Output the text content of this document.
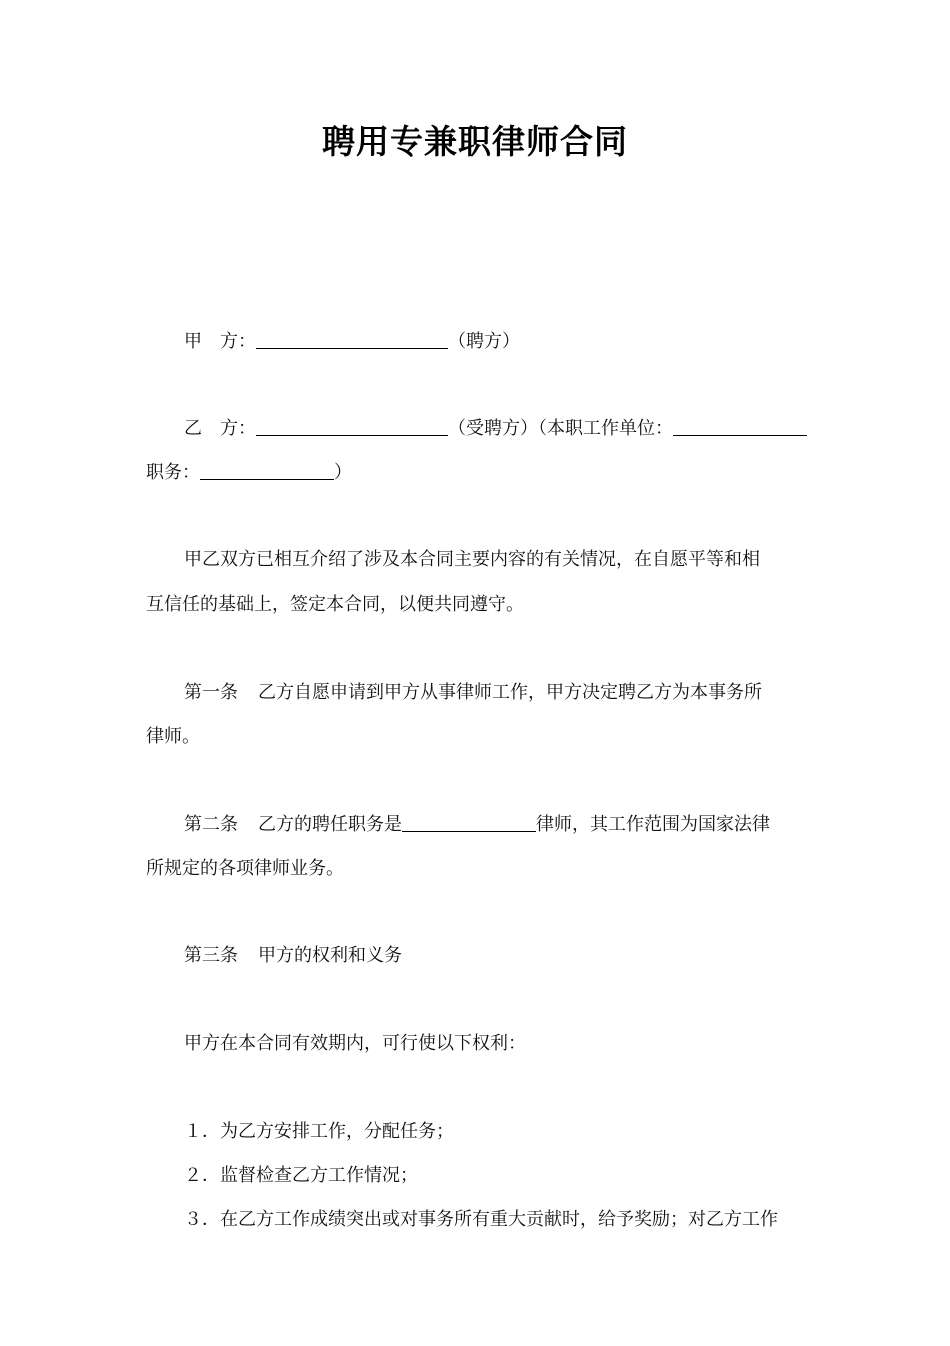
聘用专兼职律师合同
甲　方：	（聘方）
乙　方：	（受聘方）（本职工作单位：
职务：	）
甲乙双方已相互介绍了涉及本合同主要内容的有关情况，在自愿平等和相
互信任的基础上，签定本合同，以便共同遵守。
第一条 乙方自愿申请到甲方从事律师工作，甲方决定聘乙方为本事务所
律师。
第二条 乙方的聘任职务是	律师，其工作范围为国家法律
所规定的各项律师业务。
第三条 甲方的权利和义务
甲方在本合同有效期内，可行使以下权利：
１．为乙方安排工作，分配任务；
２．监督检查乙方工作情况；
３．在乙方工作成绩突出或对事务所有重大贡献时，给予奖励；对乙方工作
